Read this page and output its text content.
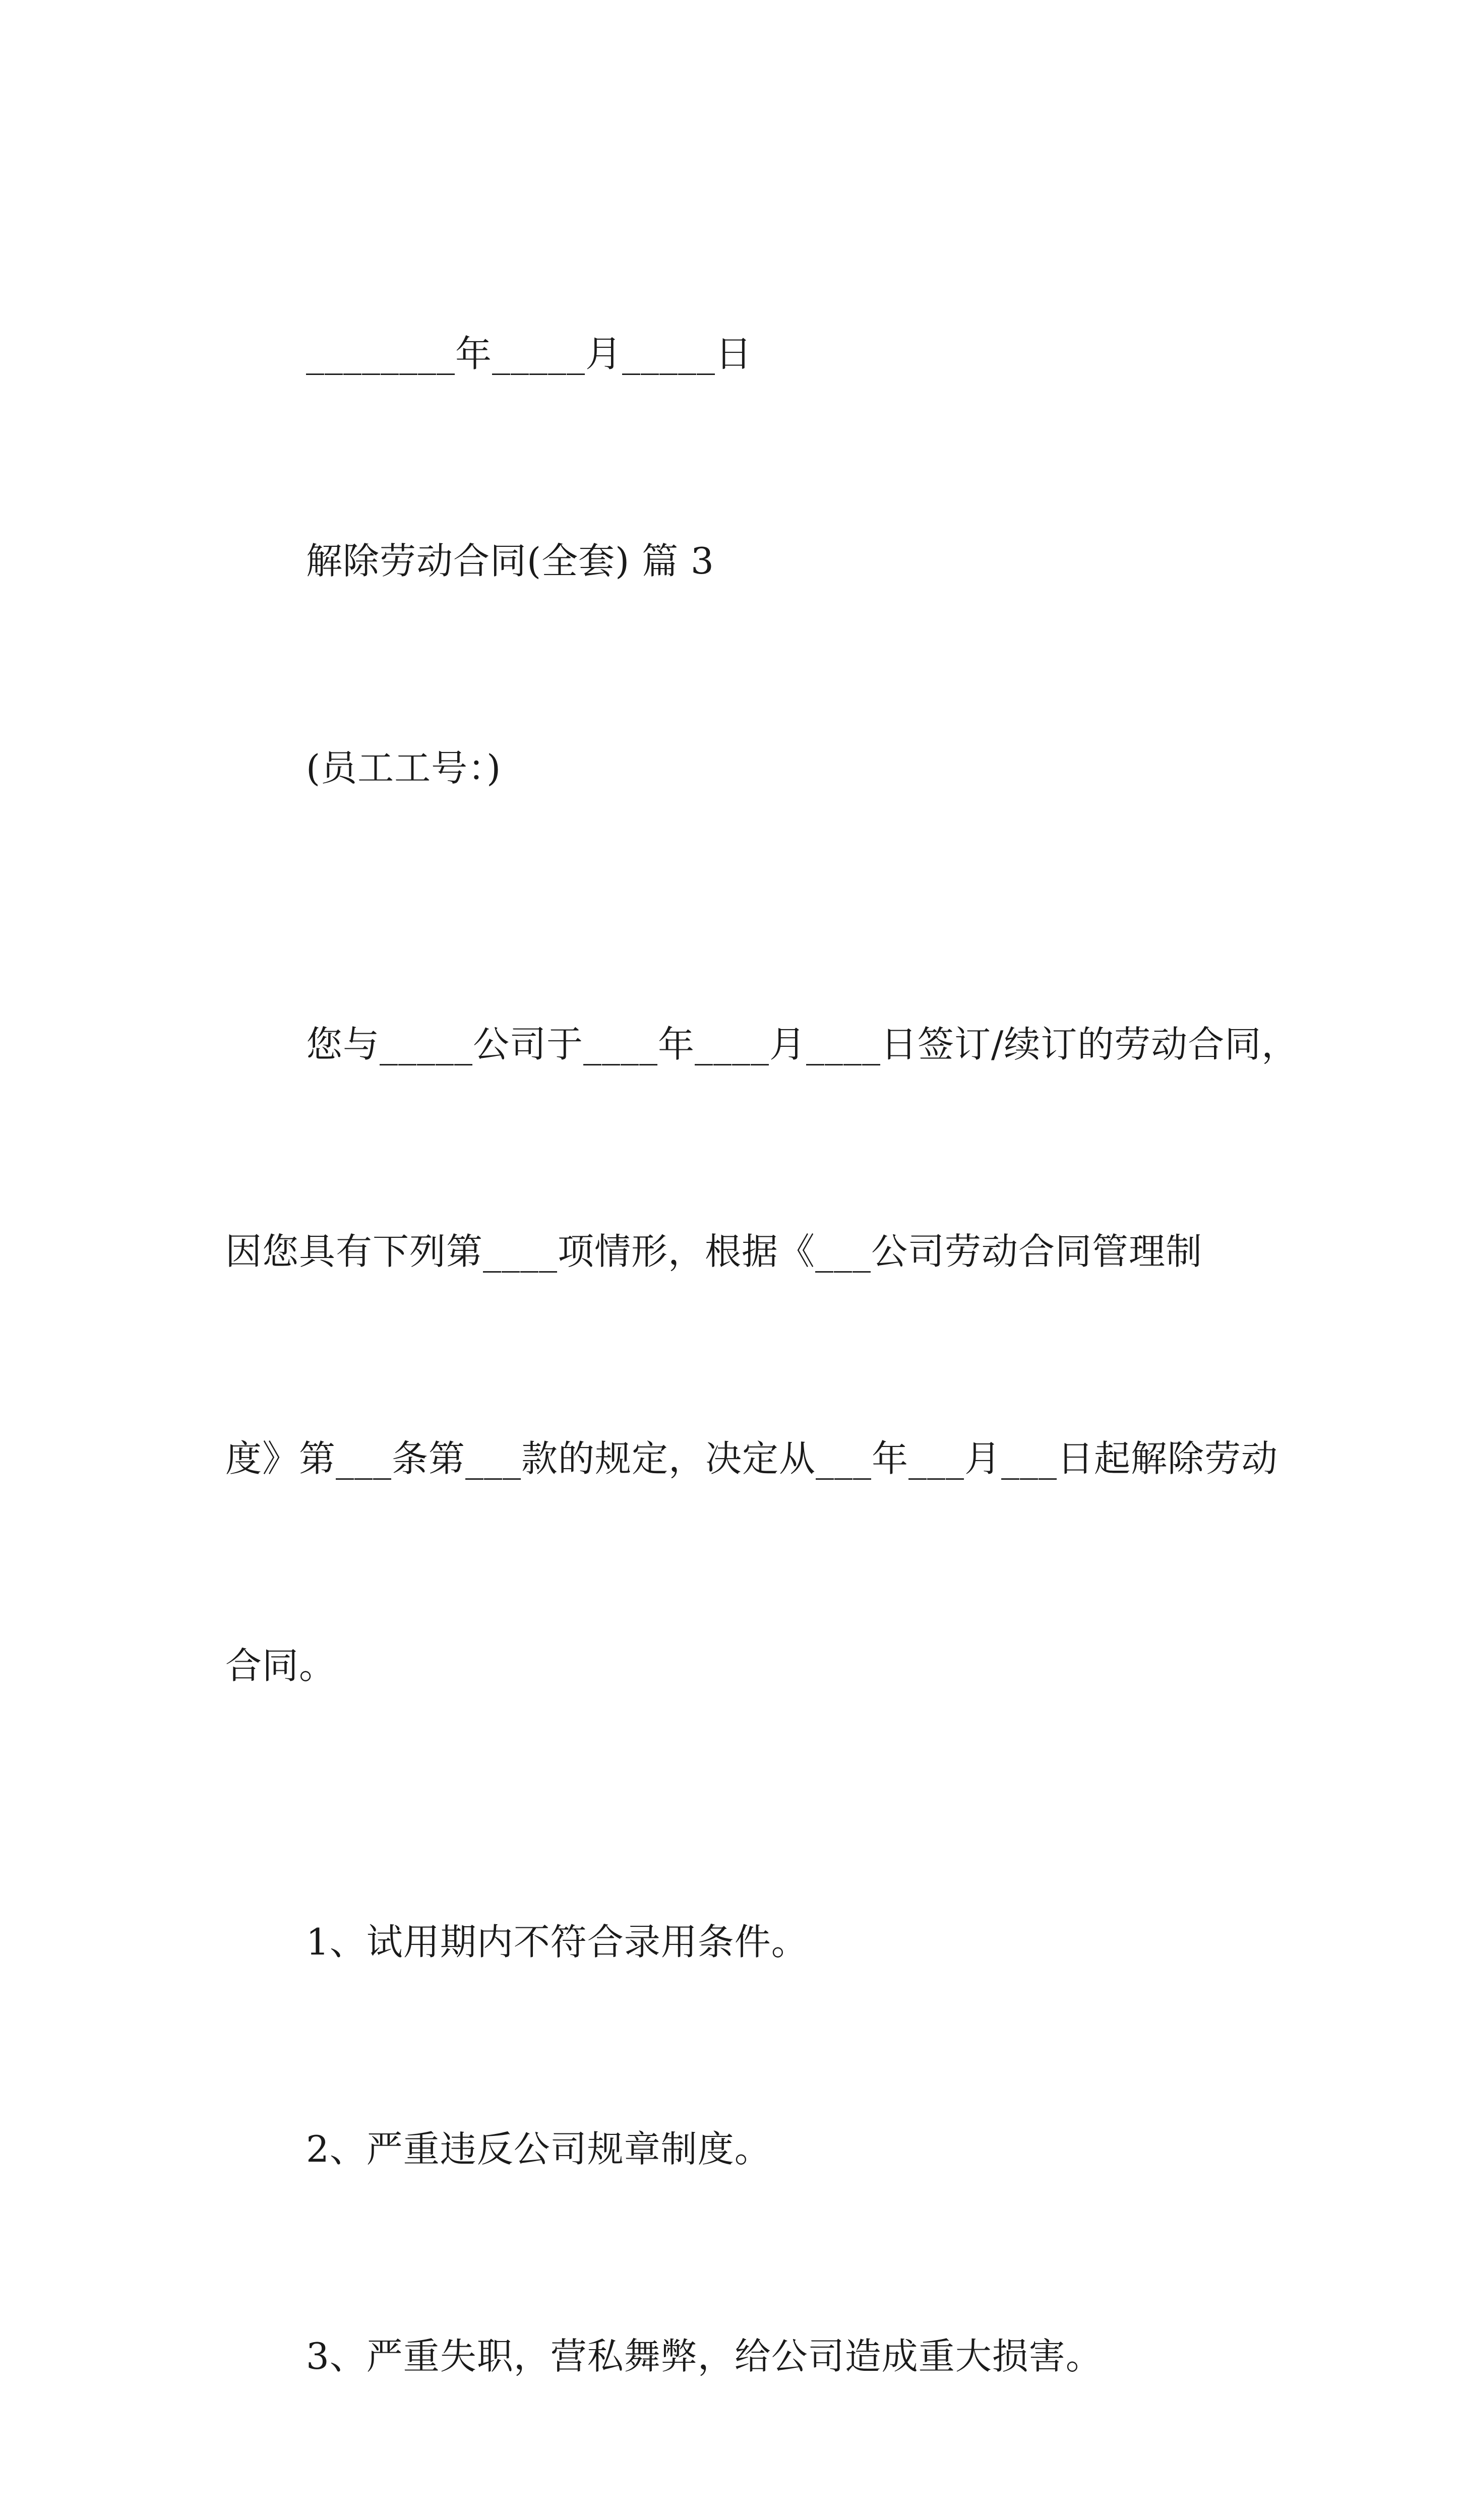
________年_____月_____日

解除劳动合同(全套) 篇 3

(员工工号：)

您与_____公司于____年____月____日签订/续订的劳动合同，

因您具有下列第____项情形，根据《___公司劳动合同管理制

度》第___条第___款的规定，决定从___年___月___日起解除劳动

合同。

1、试用期内不符合录用条件。

2、严重违反公司规章制度。

3、严重失职，营私舞弊，给公司造成重大损害。
